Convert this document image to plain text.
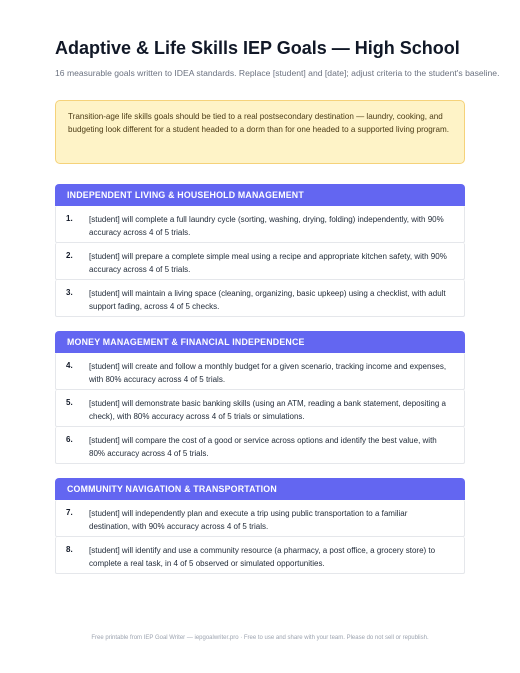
Adaptive & Life Skills IEP Goals — High School

16 measurable goals written to IDEA standards. Replace [student] and [date]; adjust criteria to the student's baseline.

Transition-age life skills goals should be tied to a real postsecondary destination — laundry, cooking, and budgeting look different for a student headed to a dorm than for one headed to a supported living program.
INDEPENDENT LIVING & HOUSEHOLD MANAGEMENT
1. [student] will complete a full laundry cycle (sorting, washing, drying, folding) independently, with 90% accuracy across 4 of 5 trials.
2. [student] will prepare a complete simple meal using a recipe and appropriate kitchen safety, with 90% accuracy across 4 of 5 trials.
3. [student] will maintain a living space (cleaning, organizing, basic upkeep) using a checklist, with adult support fading, across 4 of 5 checks.
MONEY MANAGEMENT & FINANCIAL INDEPENDENCE
4. [student] will create and follow a monthly budget for a given scenario, tracking income and expenses, with 80% accuracy across 4 of 5 trials.
5. [student] will demonstrate basic banking skills (using an ATM, reading a bank statement, depositing a check), with 80% accuracy across 4 of 5 trials or simulations.
6. [student] will compare the cost of a good or service across options and identify the best value, with 80% accuracy across 4 of 5 trials.
COMMUNITY NAVIGATION & TRANSPORTATION
7. [student] will independently plan and execute a trip using public transportation to a familiar destination, with 90% accuracy across 4 of 5 trials.
8. [student] will identify and use a community resource (a pharmacy, a post office, a grocery store) to complete a real task, in 4 of 5 observed or simulated opportunities.
Free printable from IEP Goal Writer — iepgoalwriter.pro · Free to use and share with your team. Please do not sell or republish.
